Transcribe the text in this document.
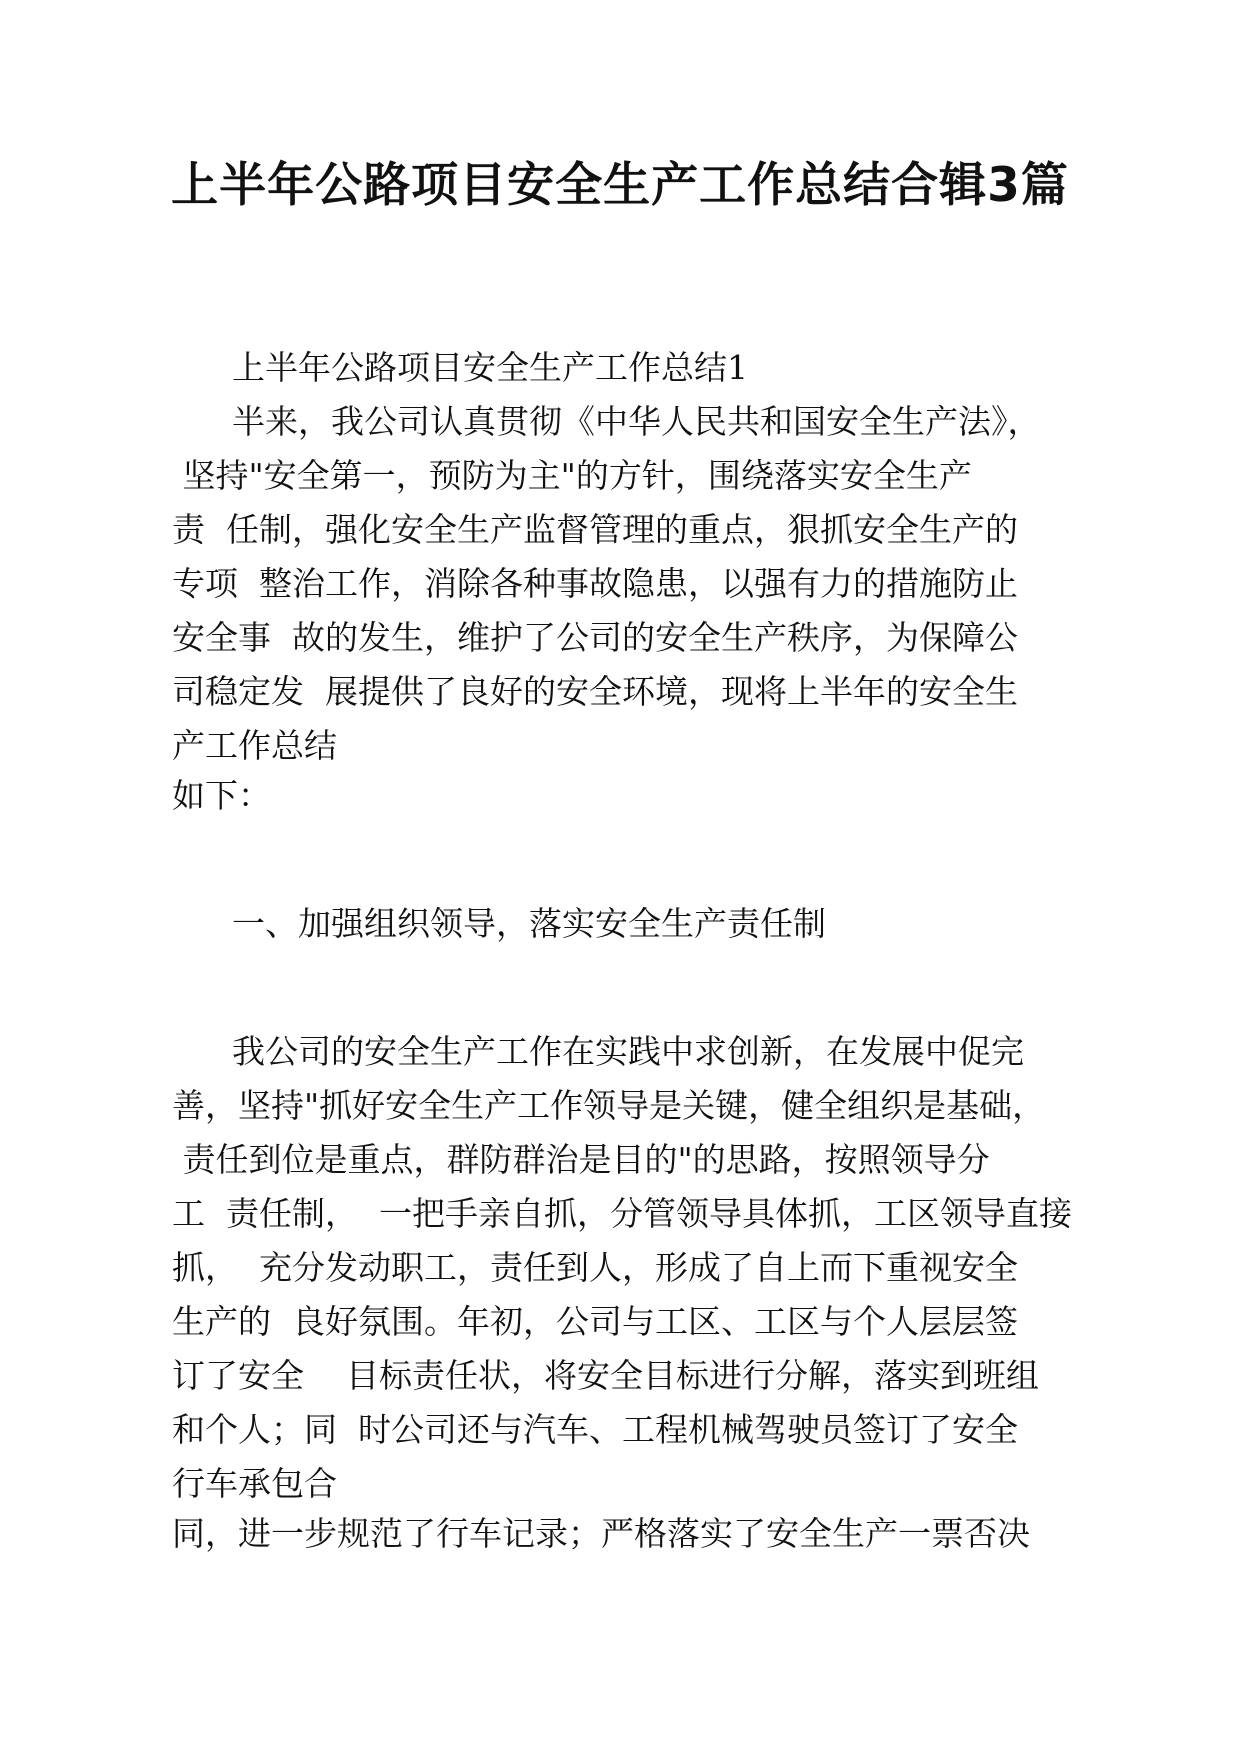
上半年公路项目安全生产工作总结合辑3篇
上半年公路项目安全生产工作总结1
半来，我公司认真贯彻《中华人民共和国安全生产法》，
坚持"安全第一，预防为主"的方针，围绕落实安全生产
责  任制，强化安全生产监督管理的重点，狠抓安全生产的
专项  整治工作，消除各种事故隐患，以强有力的措施防止
安全事  故的发生，维护了公司的安全生产秩序，为保障公
司稳定发  展提供了良好的安全环境，现将上半年的安全生
产工作总结
如下：
一、加强组织领导，落实安全生产责任制
我公司的安全生产工作在实践中求创新，在发展中促完
善，坚持"抓好安全生产工作领导是关键，健全组织是基础，
责任到位是重点，群防群治是目的"的思路，按照领导分
工  责任制，  一把手亲自抓，分管领导具体抓，工区领导直接
抓，  充分发动职工，责任到人，形成了自上而下重视安全
生产的  良好氛围。年初，公司与工区、工区与个人层层签
订了安全    目标责任状，将安全目标进行分解，落实到班组
和个人；同  时公司还与汽车、工程机械驾驶员签订了安全
行车承包合
同，进一步规范了行车记录；严格落实了安全生产一票否决
